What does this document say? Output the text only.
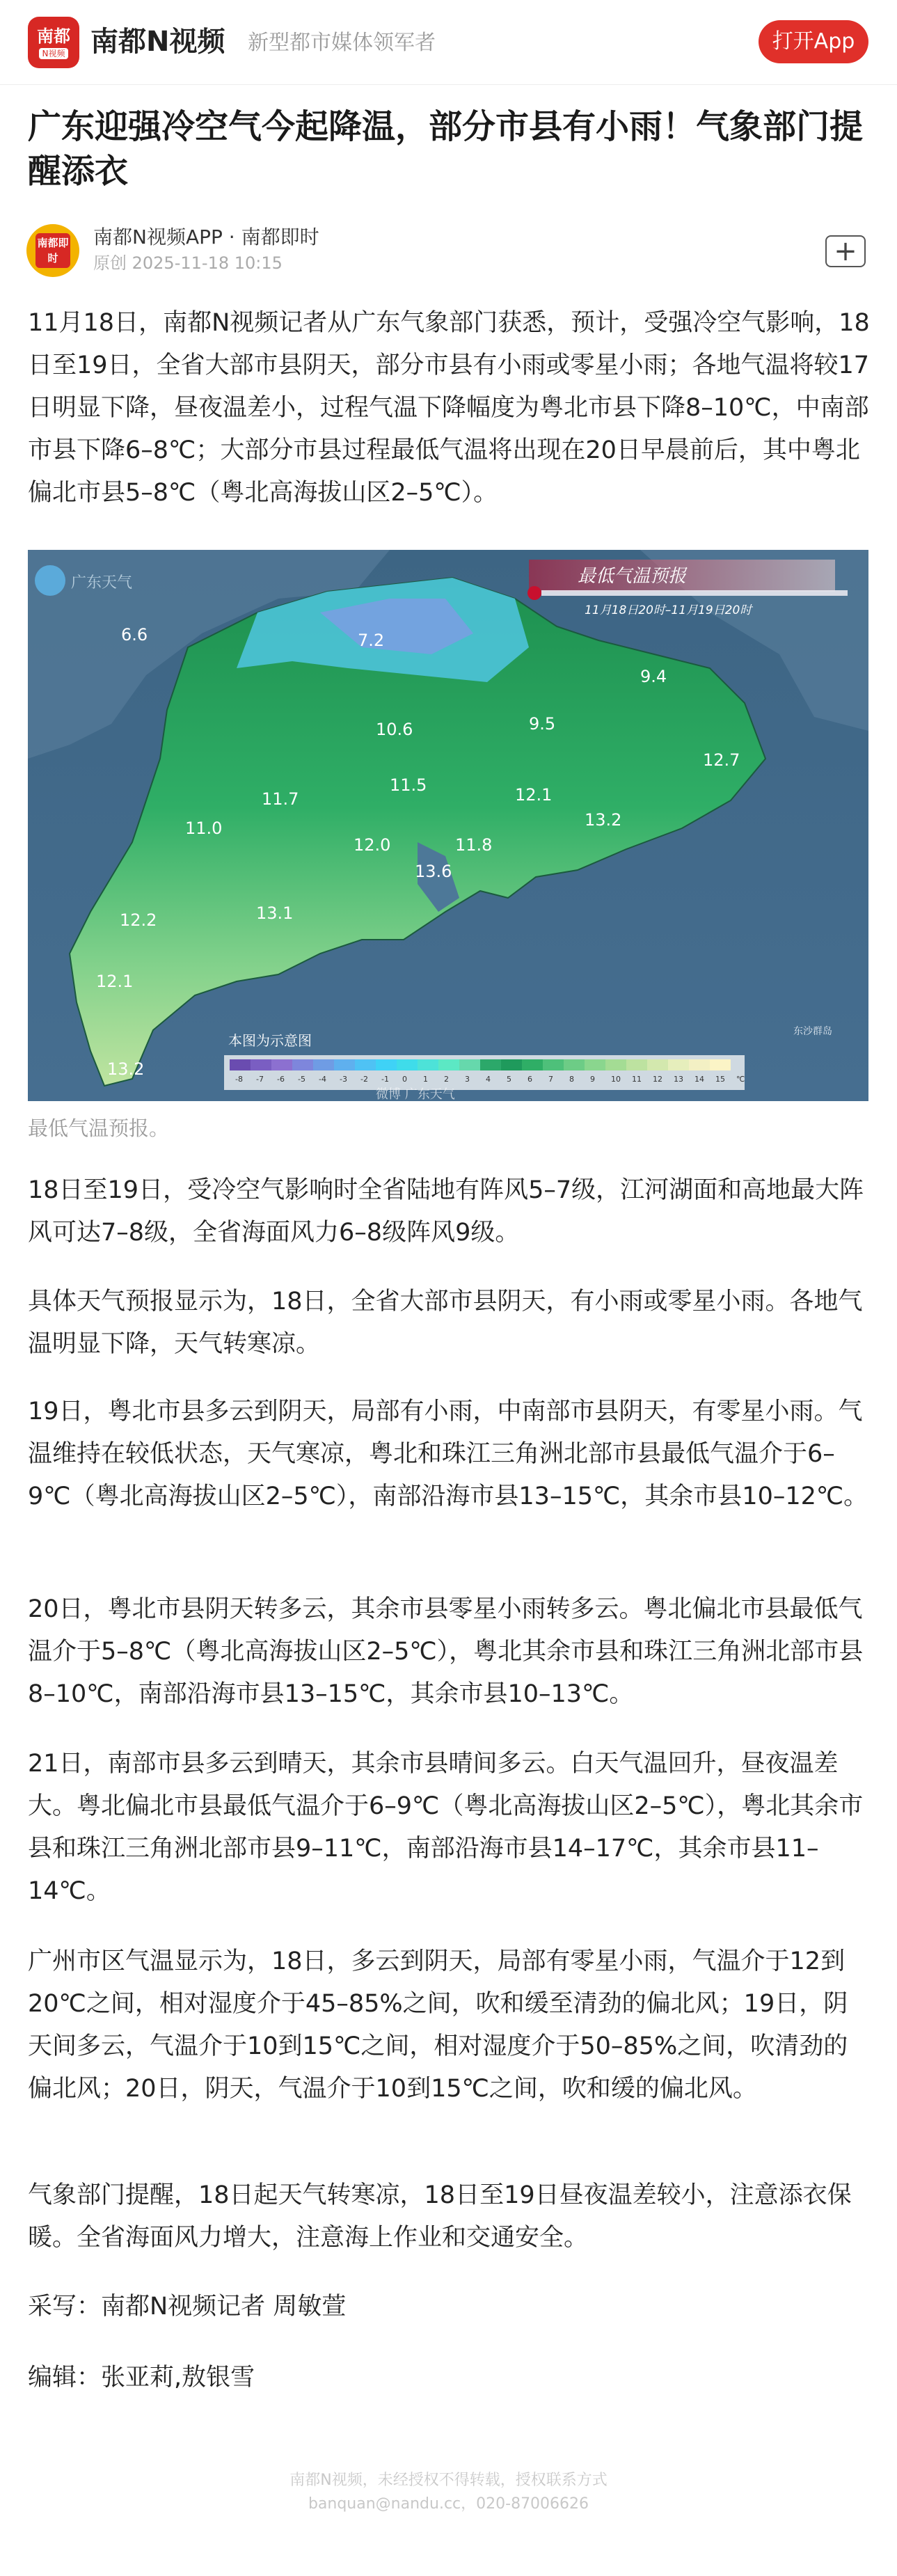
南都
N视频 南都N视频 新型都市媒体领军者	打开App
广东迎强冷空气今起降温，部分市县有小雨！气象部门提醒添衣
南都即时
南都N视频APP · 南都即时
原创 2025-11-18 10:15	+

11月18日，南都N视频记者从广东气象部门获悉，预计，受强冷空气影响，18日至19日，全省大部市县阴天，部分市县有小雨或零星小雨；各地气温将较17日明显下降，昼夜温差小，过程气温下降幅度为粤北市县下降8–10℃，中南部市县下降6–8℃；大部分市县过程最低气温将出现在20日早晨前后，其中粤北偏北市县5–8℃（粤北高海拔山区2–5℃）。

最低气温预报
11月18日20时–11月19日20时
广东天气
6.6	7.2
9.4
10.6	9.5
12.7
11.7
11.5	12.1
11.0
12.0	11.8
13.6
13.2
12.2	13.1
12.1
13.2
本图为示意图
东沙群岛
-8 -7 -6 -5 -4 -3 -2 -1 0 1 2 3 4 5 6 7 8 9 10 11 12 13 14 15 ℃
微博 广东天气
最低气温预报。

18日至19日，受冷空气影响时全省陆地有阵风5–7级，江河湖面和高地最大阵风可达7–8级，全省海面风力6–8级阵风9级。

具体天气预报显示为，18日，全省大部市县阴天，有小雨或零星小雨。各地气温明显下降，天气转寒凉。

19日，粤北市县多云到阴天，局部有小雨，中南部市县阴天，有零星小雨。气温维持在较低状态，天气寒凉，粤北和珠江三角洲北部市县最低气温介于6–9℃（粤北高海拔山区2–5℃），南部沿海市县13–15℃，其余市县10–12℃。

20日，粤北市县阴天转多云，其余市县零星小雨转多云。粤北偏北市县最低气温介于5–8℃（粤北高海拔山区2–5℃），粤北其余市县和珠江三角洲北部市县8–10℃，南部沿海市县13–15℃，其余市县10–13℃。

21日，南部市县多云到晴天，其余市县晴间多云。白天气温回升，昼夜温差大。粤北偏北市县最低气温介于6–9℃（粤北高海拔山区2–5℃），粤北其余市县和珠江三角洲北部市县9–11℃，南部沿海市县14–17℃，其余市县11–14℃。

广州市区气温显示为，18日，多云到阴天，局部有零星小雨，气温介于12到20℃之间，相对湿度介于45–85%之间，吹和缓至清劲的偏北风；19日，阴天间多云，气温介于10到15℃之间，相对湿度介于50–85%之间，吹清劲的偏北风；20日，阴天，气温介于10到15℃之间，吹和缓的偏北风。

气象部门提醒，18日起天气转寒凉，18日至19日昼夜温差较小，注意添衣保暖。全省海面风力增大，注意海上作业和交通安全。

采写：南都N视频记者 周敏萱

编辑：张亚莉,敖银雪

南都N视频，未经授权不得转载，授权联系方式
banquan@nandu.cc，020-87006626
